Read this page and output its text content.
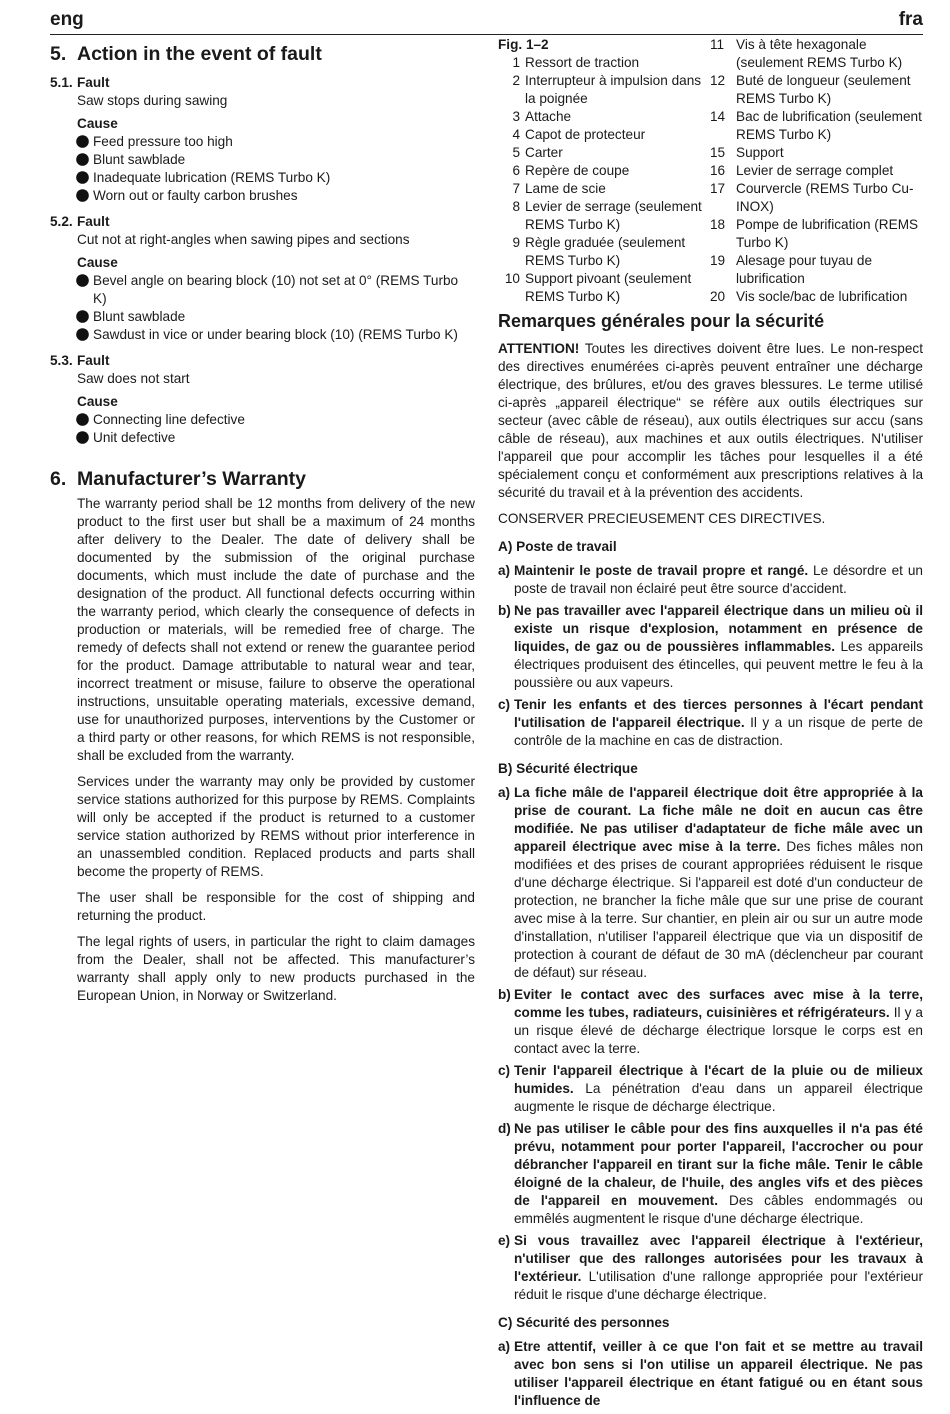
eng	fra
5. Action in the event of fault
5.1. Fault
Saw stops during sawing
Cause
Feed pressure too high
Blunt sawblade
Inadequate lubrication (REMS Turbo K)
Worn out or faulty carbon brushes
5.2. Fault
Cut not at right-angles when sawing pipes and sections
Cause
Bevel angle on bearing block (10) not set at 0° (REMS Turbo K)
Blunt sawblade
Sawdust in vice or under bearing block (10) (REMS Turbo K)
5.3. Fault
Saw does not start
Cause
Connecting line defective
Unit defective
6. Manufacturer’s Warranty

The warranty period shall be 12 months from delivery of the new product to the first user but shall be a maximum of 24 months after delivery to the Dealer. The date of delivery shall be documented by the submission of the original purchase documents, which must include the date of purchase and the designation of the product. All functional defects occurring within the warranty period, which clearly the consequence of defects in production or materials, will be remedied free of charge. The remedy of defects shall not extend or renew the guarantee period for the product. Damage attributable to natural wear and tear, incorrect treatment or misuse, failure to observe the operational instructions, unsuitable operating materials, excessive demand, use for unauthorized purposes, interventions by the Customer or a third party or other reasons, for which REMS is not responsible, shall be excluded from the warranty.

Services under the warranty may only be provided by customer service stations authorized for this purpose by REMS. Complaints will only be accepted if the product is returned to a customer service station authorized by REMS without prior interference in an unassembled condition. Replaced products and parts shall become the property of REMS.

The user shall be responsible for the cost of shipping and returning the product.

The legal rights of users, in particular the right to claim damages from the Dealer, shall not be affected. This manufacturer’s warranty shall apply only to new products purchased in the European Union, in Norway or Switzerland.

Fig. 1–2
1 Ressort de traction
2 Interrupteur à impulsion dans la poignée
3 Attache
4 Capot de protecteur
5 Carter
6 Repère de coupe
7 Lame de scie
8 Levier de serrage (seulement REMS Turbo K)
9 Règle graduée (seulement REMS Turbo K)
10 Support pivoant (seulement REMS Turbo K)
11 Vis à tête hexagonale (seulement REMS Turbo K)
12 Buté de longueur (seulement REMS Turbo K)
14 Bac de lubrification (seulement REMS Turbo K)
15 Support
16 Levier de serrage complet
17 Courvercle (REMS Turbo Cu-INOX)
18 Pompe de lubrification (REMS Turbo K)
19 Alesage pour tuyau de lubrification
20 Vis socle/bac de lubrification
Remarques générales pour la sécurité

ATTENTION! Toutes les directives doivent être lues. Le non-respect des directives enumérées ci-après peuvent entraîner une décharge électrique, des brûlures, et/ou des graves blessures. Le terme utilisé ci-après „appareil électrique“ se réfère aux outils électriques sur secteur (avec câble de réseau), aux outils électriques sur accu (sans câble de réseau), aux machines et aux outils électriques. N'utiliser l'appareil que pour accomplir les tâches pour lesquelles il a été spécialement conçu et conformément aux prescriptions relatives à la sécurité du travail et à la prévention des accidents.

CONSERVER PRECIEUSEMENT CES DIRECTIVES.

A) Poste de travail
a) Maintenir le poste de travail propre et rangé. Le désordre et un poste de travail non éclairé peut être source d'accident.
b) Ne pas travailler avec l'appareil électrique dans un milieu où il existe un risque d'explosion, notamment en présence de liquides, de gaz ou de poussières inflammables. Les appareils électriques produisent des étincelles, qui peuvent mettre le feu à la poussière ou aux vapeurs.
c) Tenir les enfants et des tierces personnes à l'écart pendant l'utilisation de l'appareil électrique. Il y a un risque de perte de contrôle de la machine en cas de distraction.
B) Sécurité électrique
a) La fiche mâle de l'appareil électrique doit être appropriée à la prise de courant. La fiche mâle ne doit en aucun cas être modifiée. Ne pas utiliser d'adaptateur de fiche mâle avec un appareil électrique avec mise à la terre. Des fiches mâles non modifiées et des prises de courant appropriées réduisent le risque d'une décharge électrique. Si l'appareil est doté d'un conducteur de protection, ne brancher la fiche mâle que sur une prise de courant avec mise à la terre. Sur chantier, en plein air ou sur un autre mode d'installation, n'utiliser l'appareil électrique que via un dispositif de protection à courant de défaut de 30 mA (déclencheur par courant de défaut) sur réseau.
b) Eviter le contact avec des surfaces avec mise à la terre, comme les tubes, radiateurs, cuisinières et réfrigérateurs. Il y a un risque élevé de décharge électrique lorsque le corps est en contact avec la terre.
c) Tenir l'appareil électrique à l'écart de la pluie ou de milieux humides. La pénétration d'eau dans un appareil électrique augmente le risque de décharge électrique.
d) Ne pas utiliser le câble pour des fins auxquelles il n'a pas été prévu, notamment pour porter l'appareil, l'accrocher ou pour débrancher l'appareil en tirant sur la fiche mâle. Tenir le câble éloigné de la chaleur, de l'huile, des angles vifs et des pièces de l'appareil en mouvement. Des câbles endommagés ou emmêlés augmentent le risque d'une décharge électrique.
e) Si vous travaillez avec l'appareil électrique à l'extérieur, n'utiliser que des rallonges autorisées pour les travaux à l'extérieur. L'utilisation d'une rallonge appropriée pour l'extérieur réduit le risque d'une décharge électrique.
C) Sécurité des personnes
a) Etre attentif, veiller à ce que l'on fait et se mettre au travail avec bon sens si l'on utilise un appareil électrique. Ne pas utiliser l'appareil électrique en étant fatigué ou en étant sous l'influence de
